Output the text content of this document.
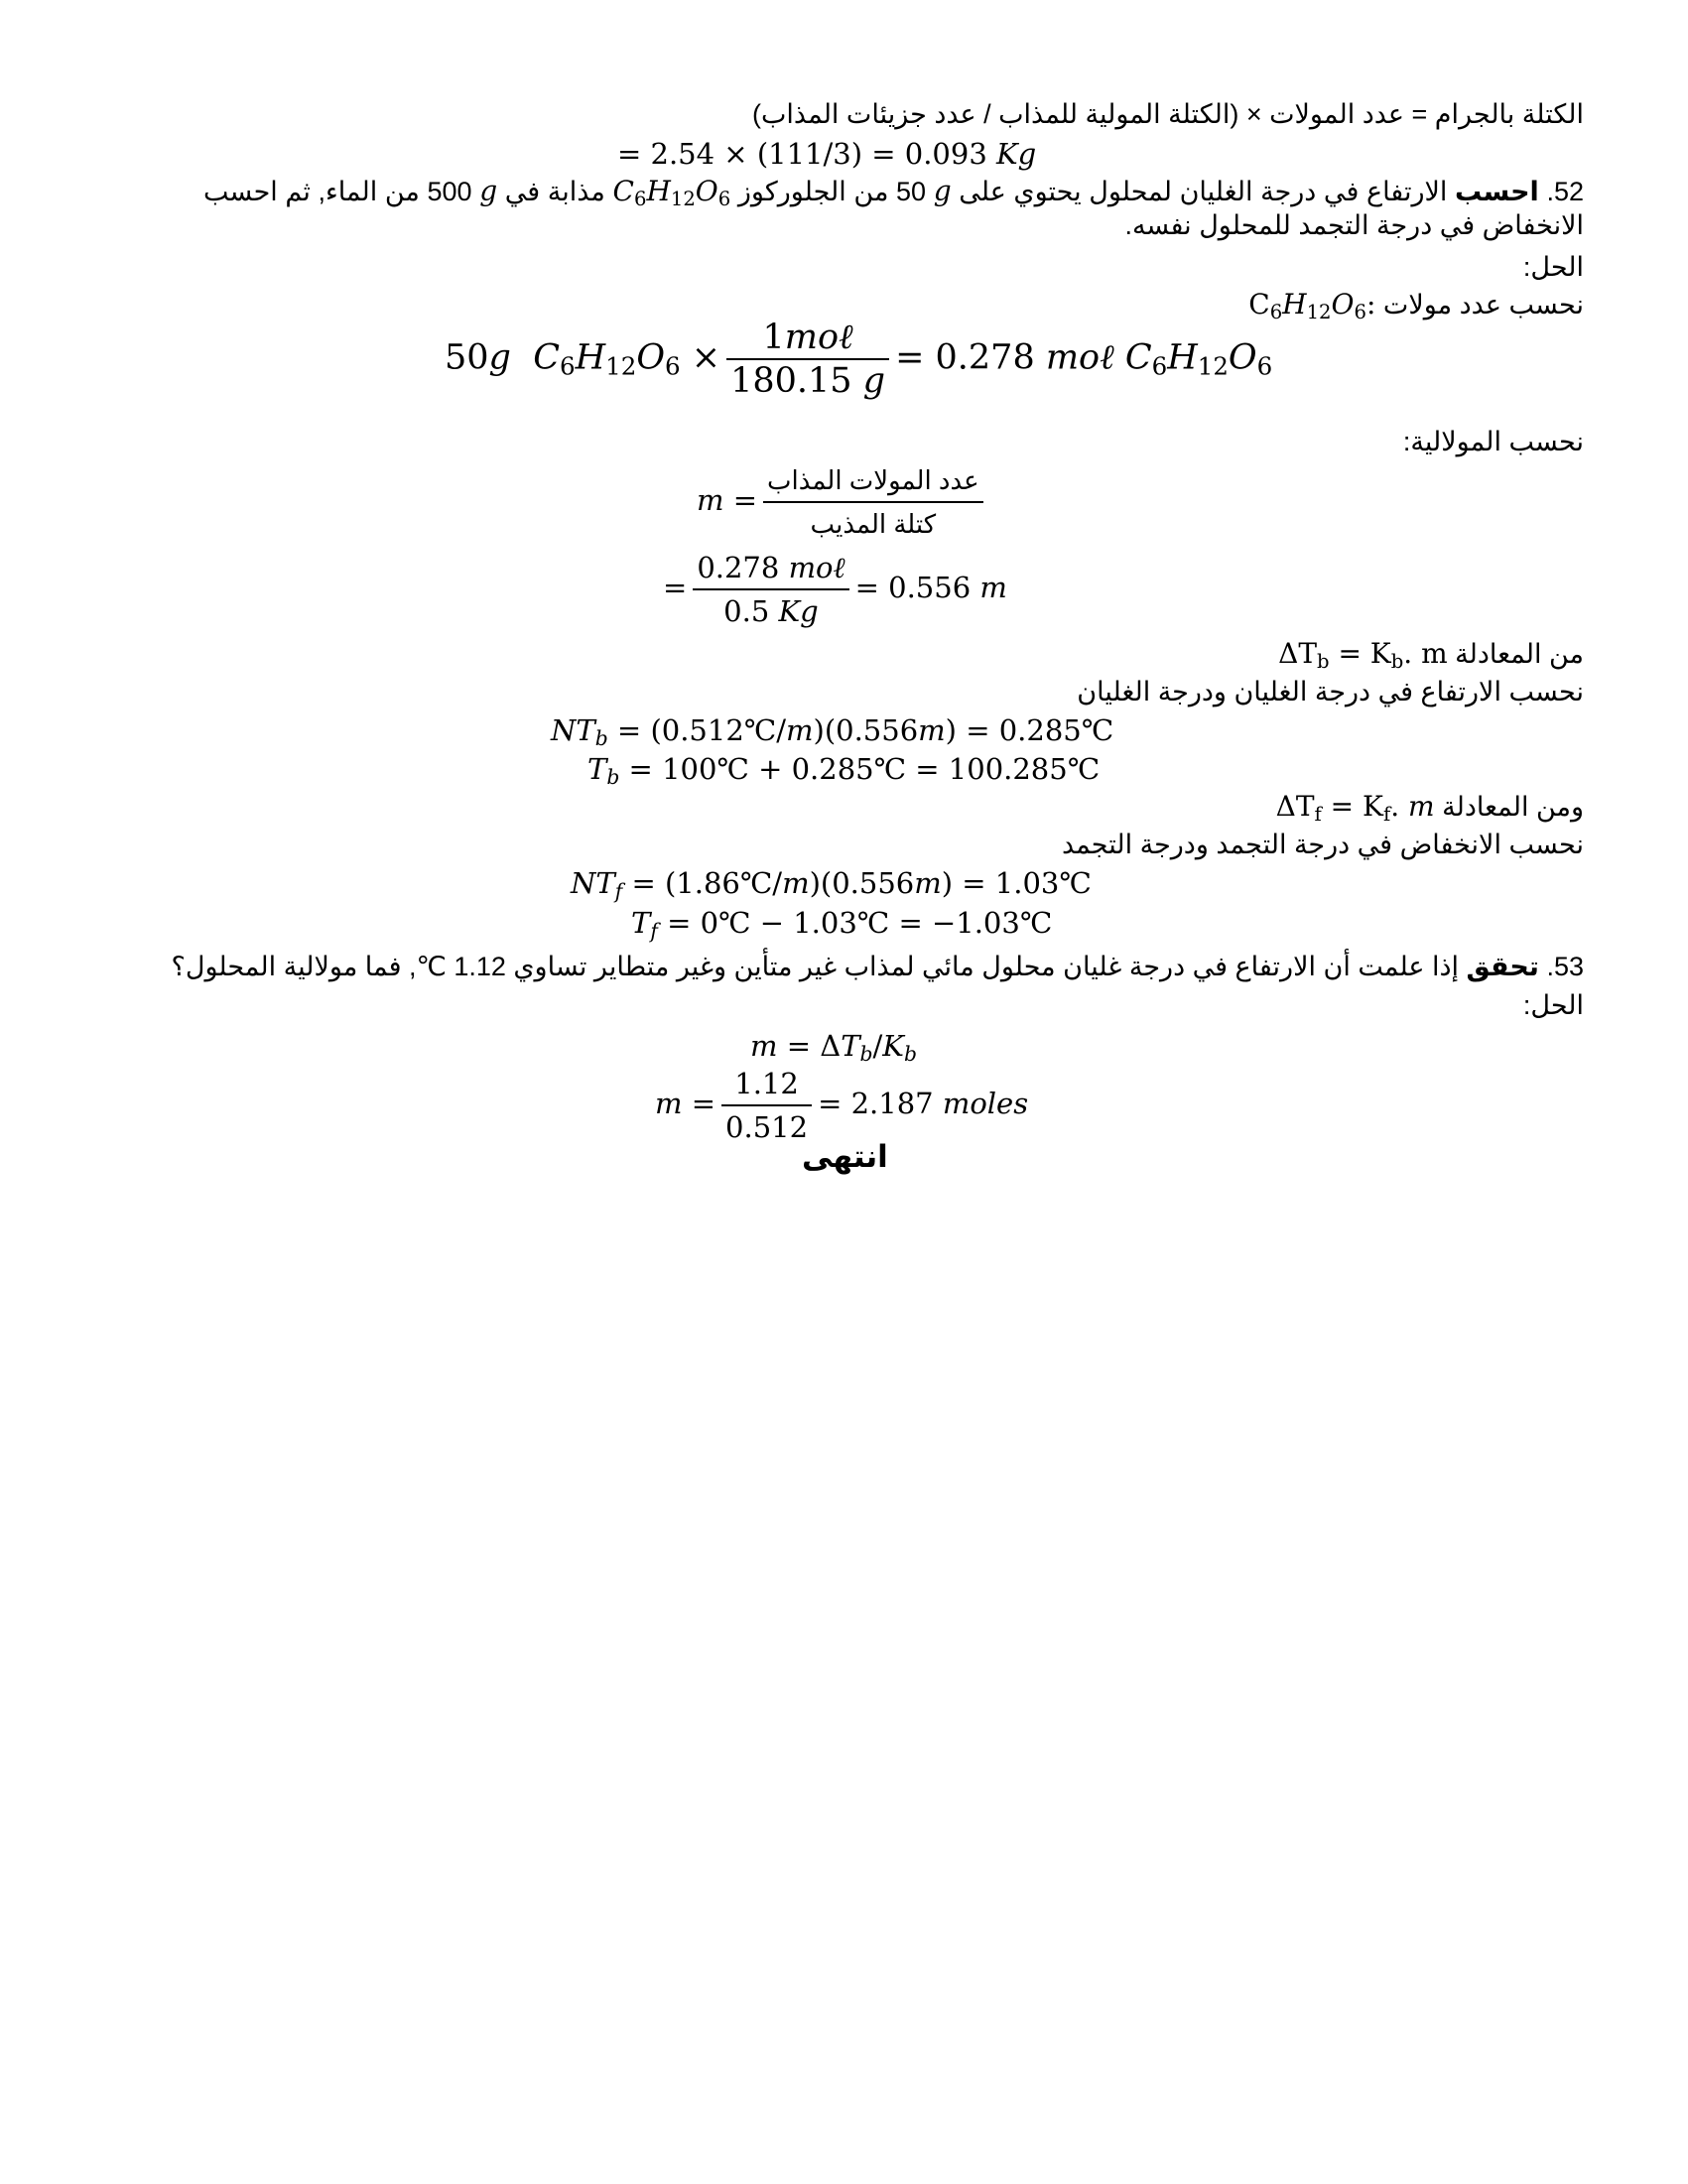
الكتلة بالجرام = عدد المولات × (الكتلة المولية للمذاب / عدد جزيئات المذاب)
= 2.54 × (111/3) = 0.093 Kg
52. احسب الارتفاع في درجة الغليان لمحلول يحتوي على g 50 من الجلوركوز $C_6H_{12}O_6$ مذابة في g 500 من الماء, ثم احسب الانخفاض في درجة التجمد للمحلول نفسه.
الحل:
نحسب عدد مولات $C_6H_{12}O_6$:
50g $C_6H_{12}O_6 \times \frac{\text{1moℓ}}{180.15 g} = 0.278$ moℓ $C_6H_{12}O_6$
نحسب المولالية:
$m = \frac{\text{عدد المولات المذاب}}{\text{كتلة المذيب}}$
= $\frac{\text{0.278 moℓ}}{0.5 Kg} = 0.556$ m
من المعادلة $\Delta T_b = K_b$. m
نحسب الارتفاع في درجة الغليان ودرجة الغليان
$NT_b$ = (0.512℃/m)(0.556m) = 0.285℃
$T_b$ = 100℃ + 0.285℃ = 100.285℃
ومن المعادلة $\Delta T_f = K_f$. m
نحسب الانخفاض في درجة التجمد ودرجة التجمد
$NT_f$ = (1.86℃/m)(0.556m) = 1.03℃
$T_f$ = 0℃ − 1.03℃ = −1.03℃
53. تحقق إذا علمت أن الارتفاع في درجة غليان محلول مائي لمذاب غير متأين وغير متطاير تساوي 1.12 ℃, فما مولالية المحلول؟
الحل:
$m = \Delta T_b/K_b$
$m = \frac{1.12}{0.512} = 2.187$ moles
انتهى
